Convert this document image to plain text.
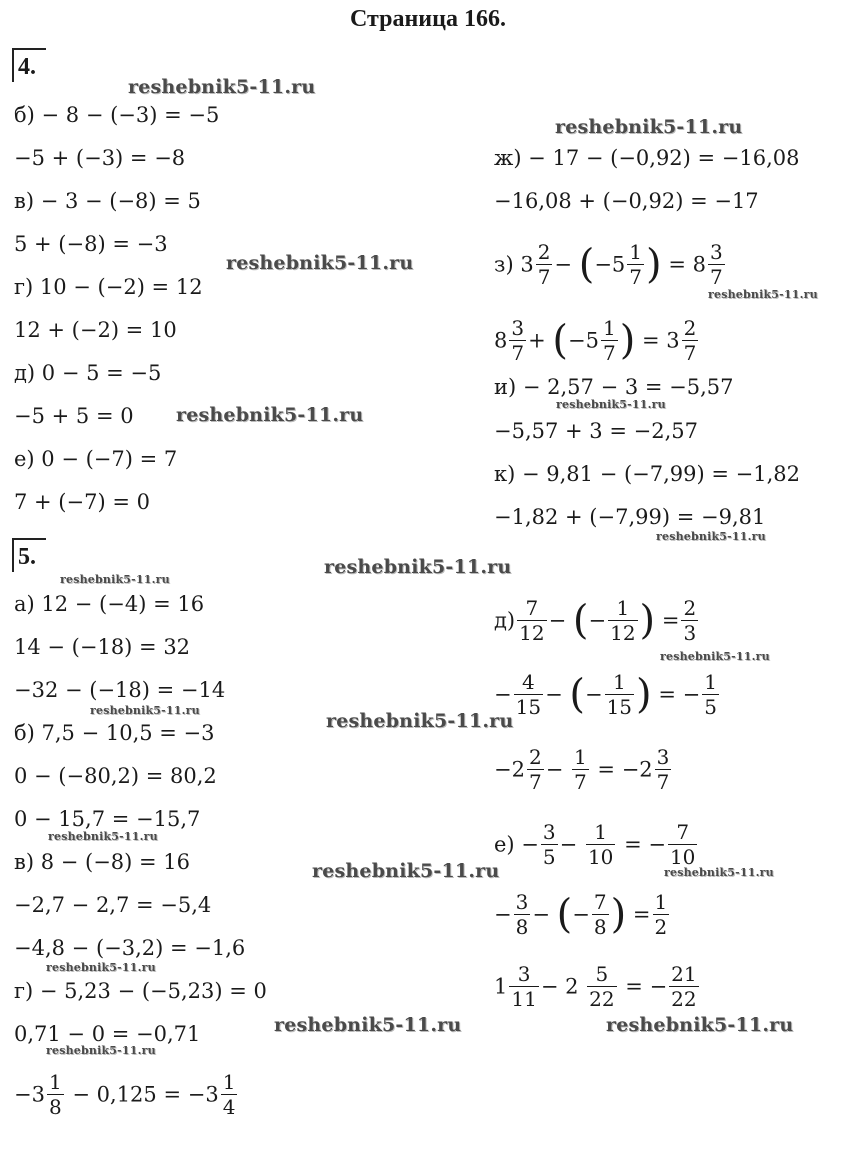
Страница 166.
4.
б) − 8 − (−3) = −5
−5 + (−3) = −8
в) − 3 − (−8) = 5
5 + (−8) = −3
г) 10 − (−2) = 12
12 + (−2) = 10
д) 0 − 5 = −5
−5 + 5 = 0
е) 0 − (−7) = 7
7 + (−7) = 0
ж) − 17 − (−0,92) = −16,08
−16,08 + (−0,92) = −17
з) $3 \frac{2}{7} - (-5 \frac{1}{7}$ ) = $8 \frac{3}{7}$
$8 \frac{3}{7} + (-5 \frac{1}{7}$ ) = $3 \frac{2}{7}$
и) − 2,57 − 3 = −5,57
−5,57 + 3 = −2,57
к) − 9,81 − (−7,99) = −1,82
−1,82 + (−7,99) = −9,81
5.
а) 12 − (−4) = 16
14 − (−18) = 32
−32 − (−18) = −14
б) 7,5 − 10,5 = −3
0 − (−80,2) = 80,2
0 − 15,7 = −15,7
в) 8 − (−8) = 16
−2,7 − 2,7 = −5,4
−4,8 − (−3,2) = −1,6
г) − 5,23 − (−5,23) = 0
0,71 − 0 = −0,71
$-3 \frac{1}{8} - 0,125 = -3 \frac{1}{4}$
$д) \frac{7}{12}$ − (− $\frac{1}{12}$ ) = $\frac{2}{3}$
− $\frac{4}{15}$ − (− $\frac{1}{15}$ ) = − $\frac{1}{5}$
$-2 \frac{2}{7} - \frac{1}{7} = -2 \frac{3}{7}$
$е) - \frac{3}{5} - \frac{1}{10}$ = − $\frac{7}{10}$
− $\frac{3}{8}$ − (− $\frac{7}{8}$ ) = $\frac{1}{2}$
$1 \frac{3}{11} - 2 \frac{5}{22}$ = − $\frac{21}{22}$
reshebnik5-11.ru
reshebnik5-11.ru
reshebnik5-11.ru
reshebnik5-11.ru
reshebnik5-11.ru	reshebnik5-11.ru
reshebnik5-11.ru
reshebnik5-11.ru
reshebnik5-11.ru
reshebnik5-11.ru
reshebnik5-11.ru	reshebnik5-11.ru
reshebnik5-11.ru
reshebnik5-11.ru	reshebnik5-11.ru
reshebnik5-11.ru
reshebnik5-11.ru	reshebnik5-11.ru
reshebnik5-11.ru
